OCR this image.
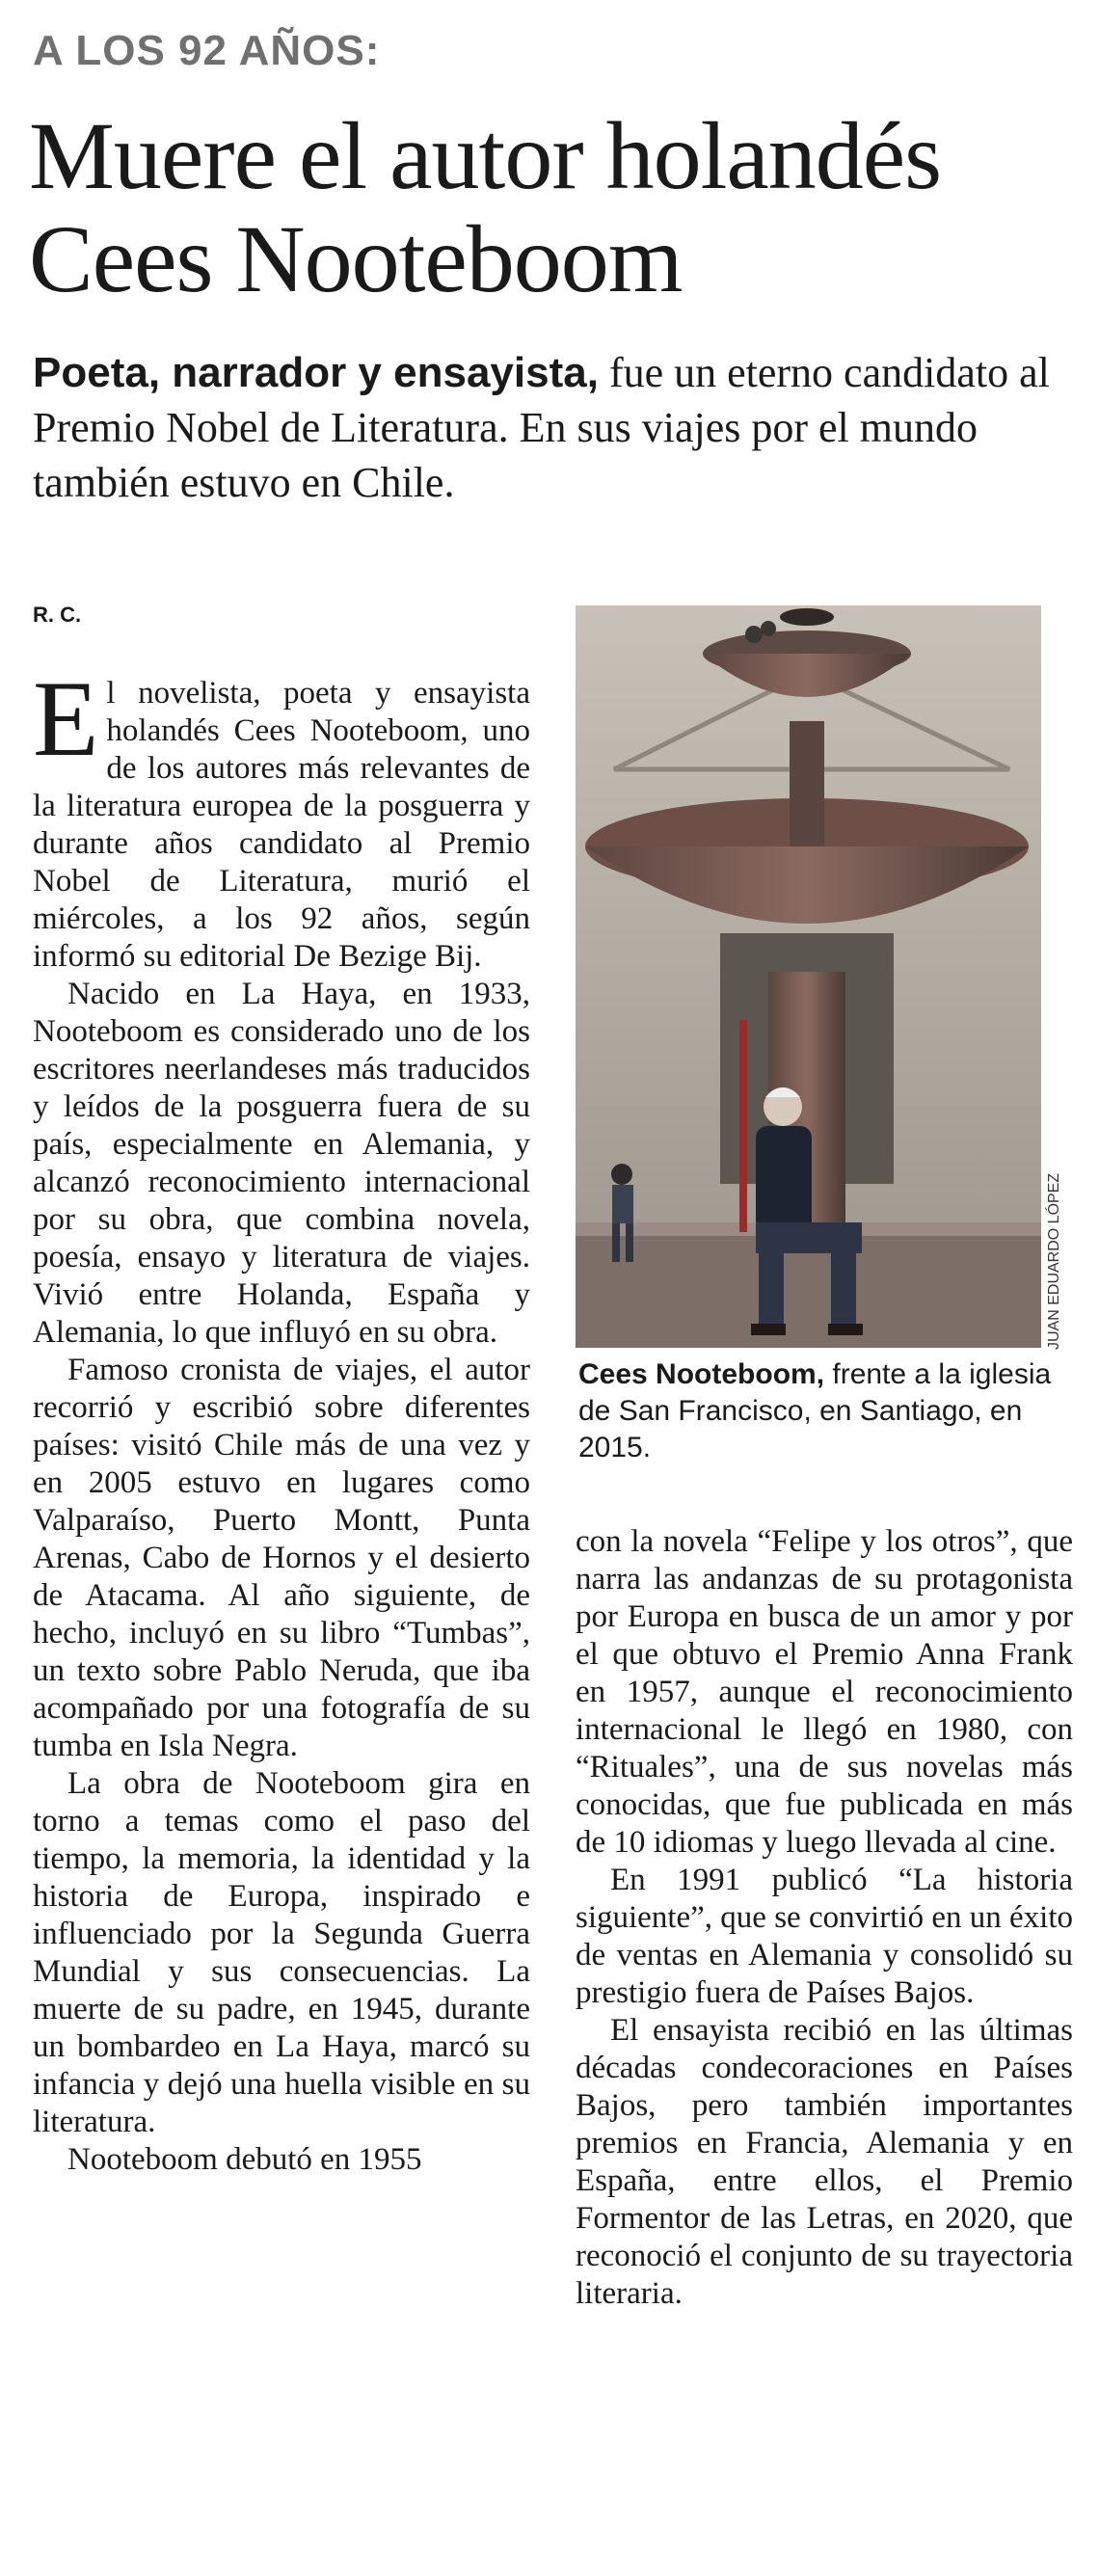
A LOS 92 AÑOS:
Muere el autor holandés Cees Nooteboom
Poeta, narrador y ensayista, fue un eterno candidato al Premio Nobel de Literatura. En sus viajes por el mundo también estuvo en Chile.
R. C.

El novelista, poeta y ensayista holandés Cees Nooteboom, uno de los autores más relevantes de la literatura europea de la posguerra y durante años candidato al Premio Nobel de Literatura, murió el miércoles, a los 92 años, según informó su editorial De Bezige Bij.

Nacido en La Haya, en 1933, Nooteboom es considerado uno de los escritores neerlandeses más traducidos y leídos de la posguerra fuera de su país, especialmente en Alemania, y alcanzó reconocimiento internacional por su obra, que combina novela, poesía, ensayo y literatura de viajes. Vivió entre Holanda, España y Alemania, lo que influyó en su obra.

Famoso cronista de viajes, el autor recorrió y escribió sobre diferentes países: visitó Chile más de una vez y en 2005 estuvo en lugares como Valparaíso, Puerto Montt, Punta Arenas, Cabo de Hornos y el desierto de Atacama. Al año siguiente, de hecho, incluyó en su libro “Tumbas”, un texto sobre Pablo Neruda, que iba acompañado por una fotografía de su tumba en Isla Negra.

La obra de Nooteboom gira en torno a temas como el paso del tiempo, la memoria, la identidad y la historia de Europa, inspirado e influenciado por la Segunda Guerra Mundial y sus consecuencias. La muerte de su padre, en 1945, durante un bombardeo en La Haya, marcó su infancia y dejó una huella visible en su literatura.

Nooteboom debutó en 1955

JUAN EDUARDO LÓPEZ
Cees Nooteboom, frente a la iglesia de San Francisco, en Santiago, en 2015.

con la novela “Felipe y los otros”, que narra las andanzas de su protagonista por Europa en busca de un amor y por el que obtuvo el Premio Anna Frank en 1957, aunque el reconocimiento internacional le llegó en 1980, con “Rituales”, una de sus novelas más conocidas, que fue publicada en más de 10 idiomas y luego llevada al cine.

En 1991 publicó “La historia siguiente”, que se convirtió en un éxito de ventas en Alemania y consolidó su prestigio fuera de Países Bajos.

El ensayista recibió en las últimas décadas condecoraciones en Países Bajos, pero también importantes premios en Francia, Alemania y en España, entre ellos, el Premio Formentor de las Letras, en 2020, que reconoció el conjunto de su trayectoria literaria.
